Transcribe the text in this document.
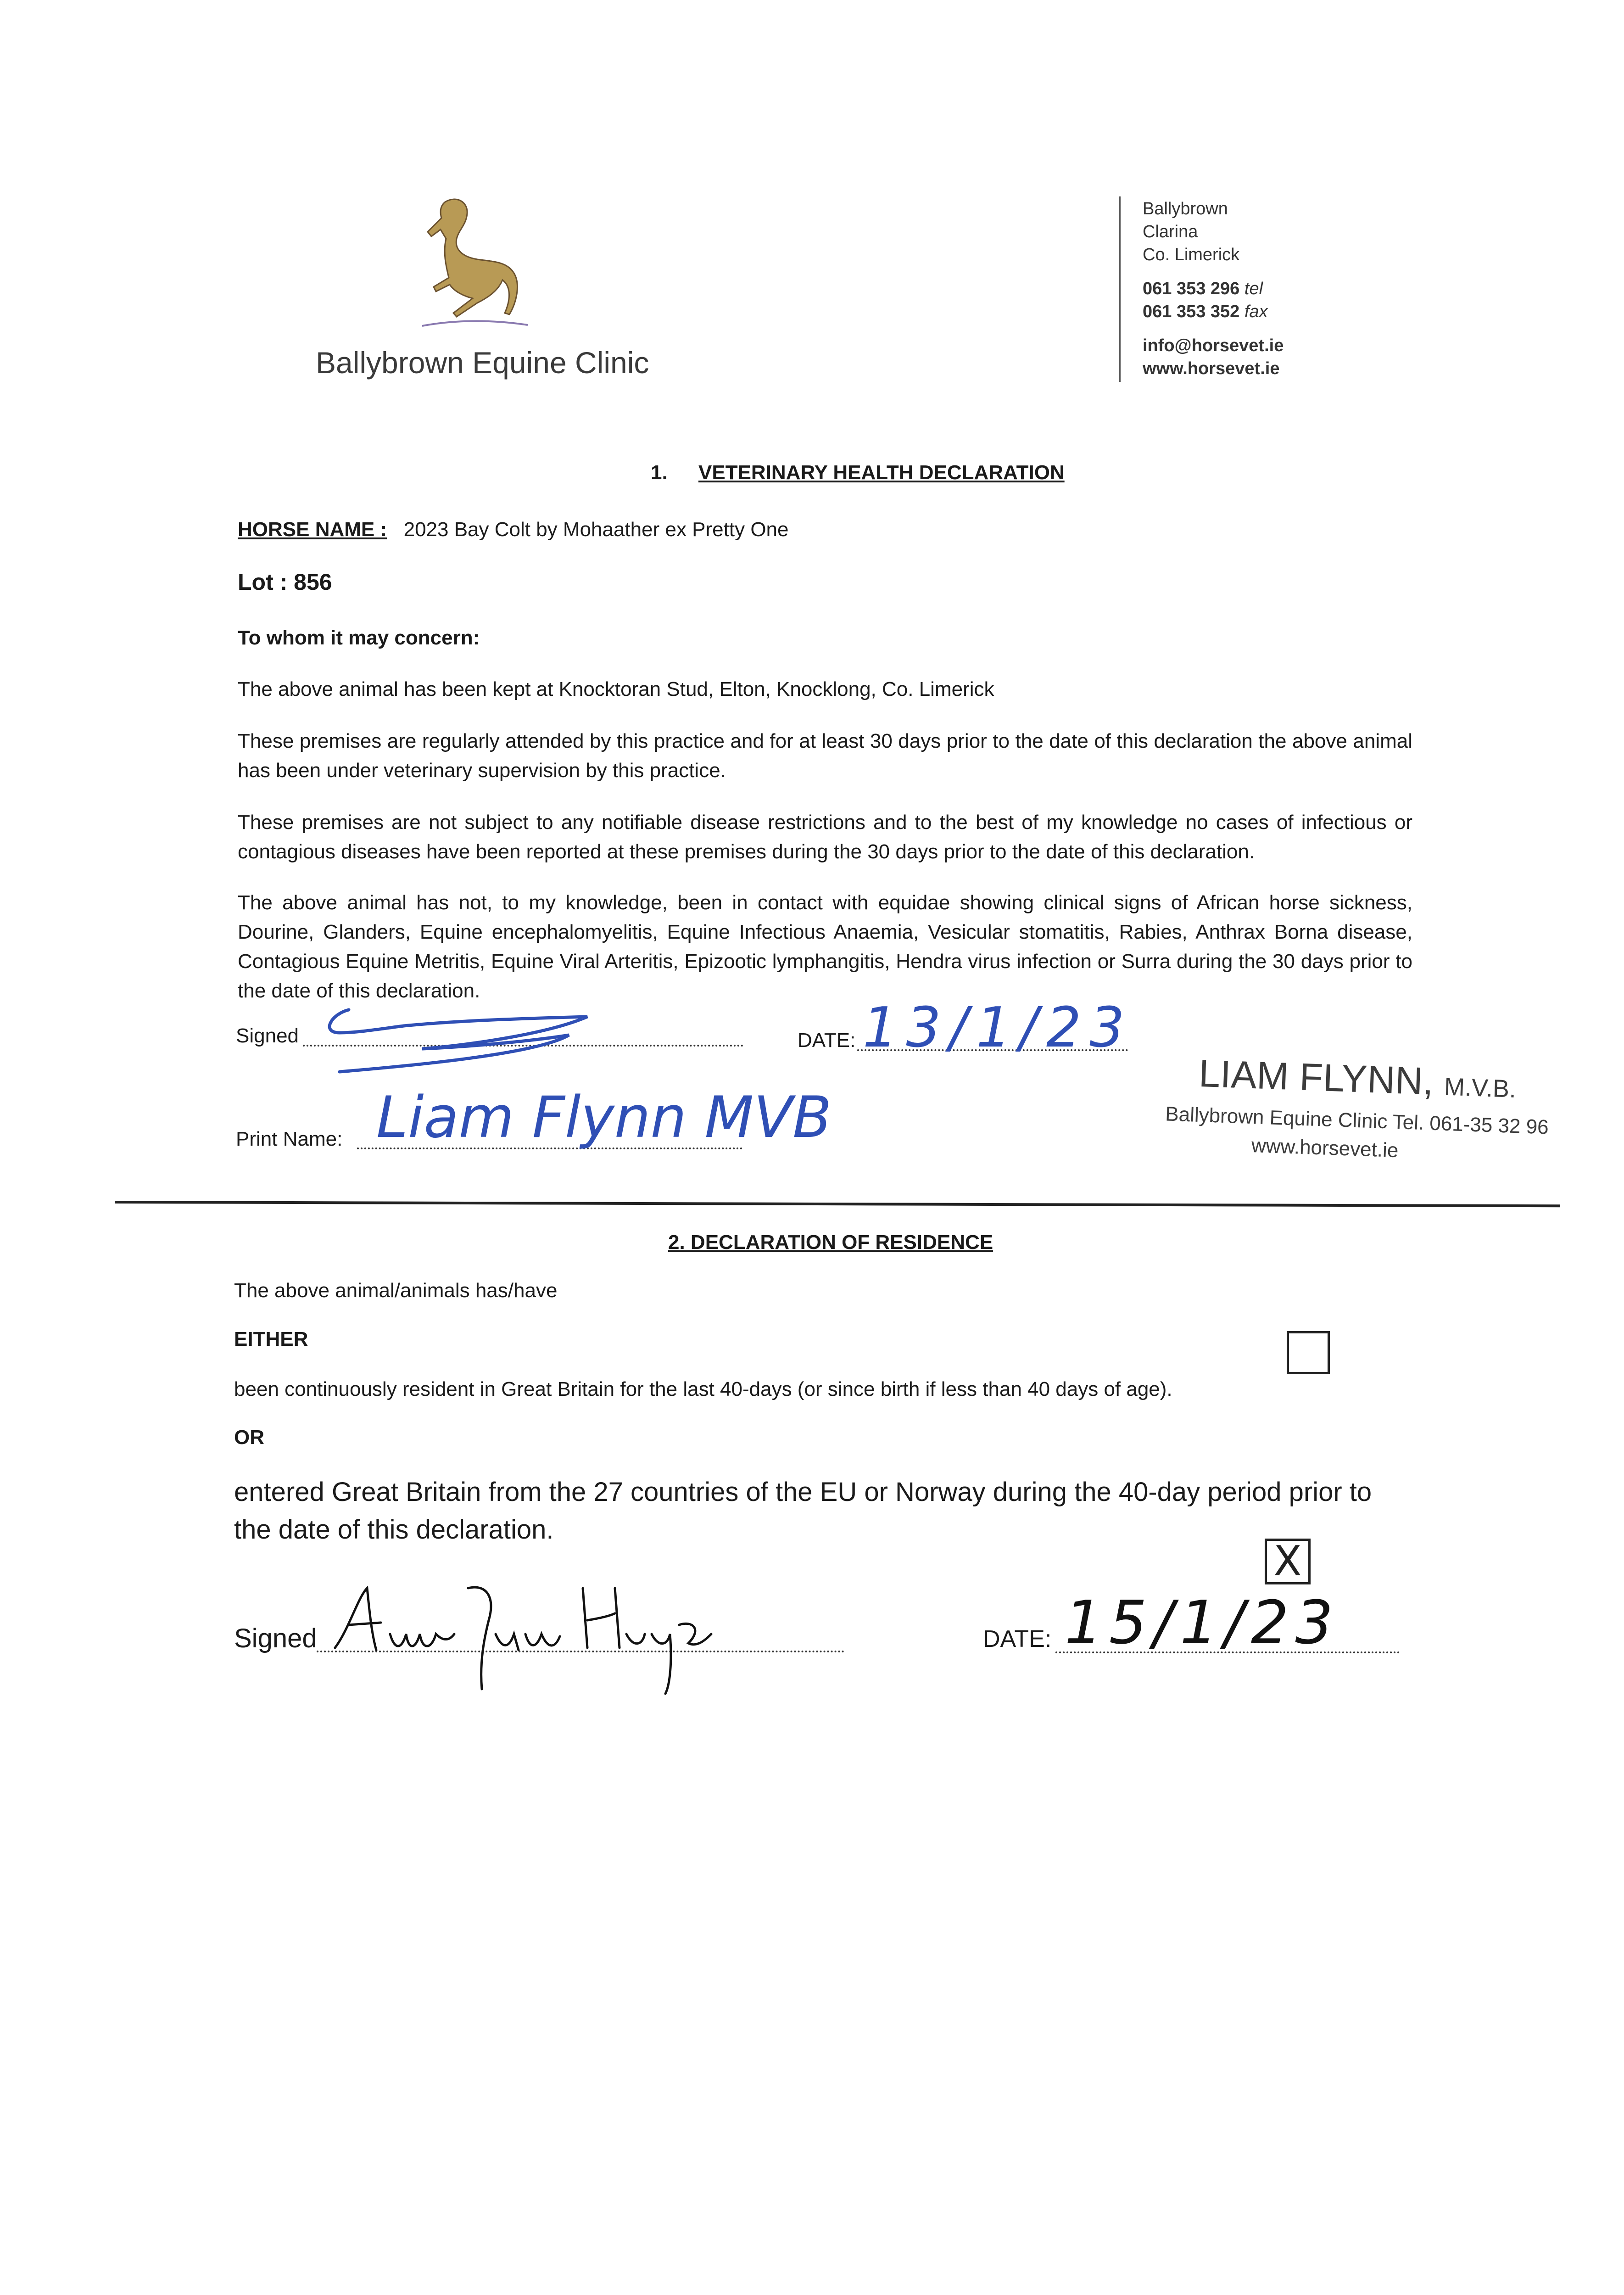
Ballybrown Equine Clinic
Ballybrown
Clarina
Co. Limerick
061 353 296 tel
061 353 352 fax
info@horsevet.ie
www.horsevet.ie
1. VETERINARY HEALTH DECLARATION
HORSE NAME : 2023 Bay Colt by Mohaather ex Pretty One
Lot : 856
To whom it may concern:
The above animal has been kept at Knocktoran Stud, Elton, Knocklong, Co. Limerick
These premises are regularly attended by this practice and for at least 30 days prior to the date of this declaration the above animal has been under veterinary supervision by this practice.
These premises are not subject to any notifiable disease restrictions and to the best of my knowledge no cases of infectious or contagious diseases have been reported at these premises during the 30 days prior to the date of this declaration.
The above animal has not, to my knowledge, been in contact with equidae showing clinical signs of African horse sickness, Dourine, Glanders, Equine encephalomyelitis, Equine Infectious Anaemia, Vesicular stomatitis, Rabies, Anthrax Borna disease, Contagious Equine Metritis, Equine Viral Arteritis, Epizootic lymphangitis, Hendra virus infection or Surra during the 30 days prior to the date of this declaration.
Signed	DATE: 13/1/23
Print Name: Liam Flynn MVB
LIAM FLYNN, M.V.B.
Ballybrown Equine Clinic Tel. 061-35 32 96
www.horsevet.ie
2. DECLARATION OF RESIDENCE
The above animal/animals has/have
EITHER
been continuously resident in Great Britain for the last 40-days (or since birth if less than 40 days of age).
OR
entered Great Britain from the 27 countries of the EU or Norway during the 40-day period prior to the date of this declaration.
X
Signed	DATE: 15/1/23
